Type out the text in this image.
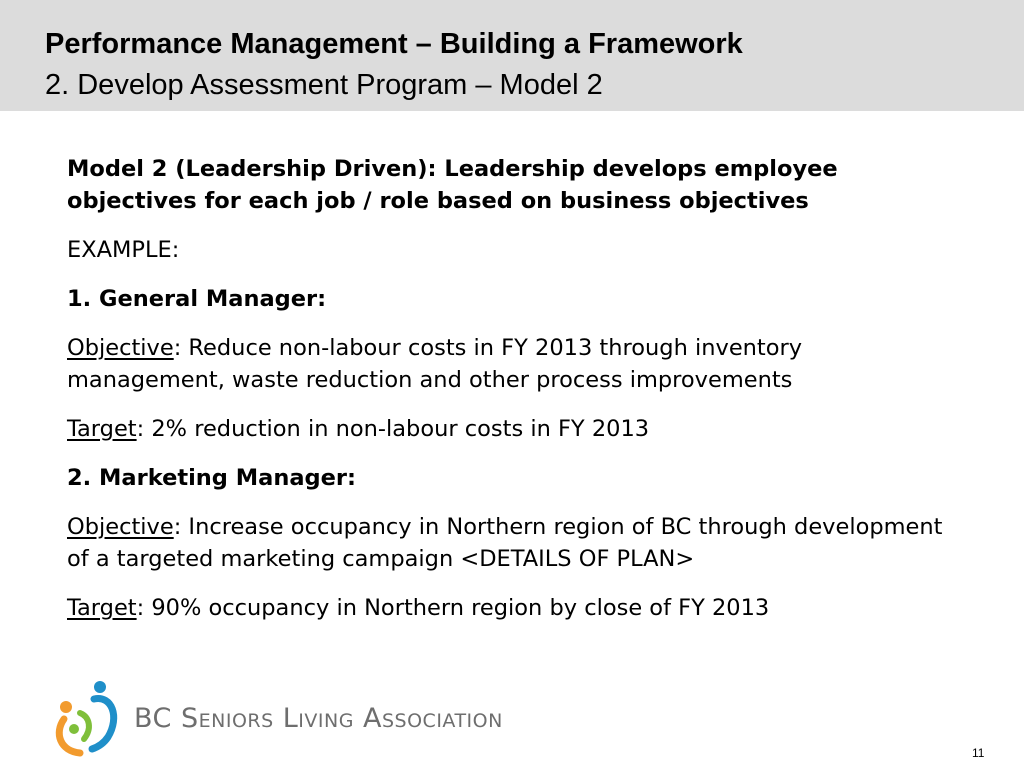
Performance Management – Building a Framework
2. Develop Assessment Program – Model 2

Model 2 (Leadership Driven): Leadership develops employee objectives for each job / role based on business objectives

EXAMPLE:

1. General Manager:

Objective: Reduce non-labour costs in FY 2013 through inventory management, waste reduction and other process improvements

Target: 2% reduction in non-labour costs in FY 2013

2. Marketing Manager:

Objective: Increase occupancy in Northern region of BC through development of a targeted marketing campaign <DETAILS OF PLAN>

Target: 90% occupancy in Northern region by close of FY 2013

BC Seniors Living Association
11
